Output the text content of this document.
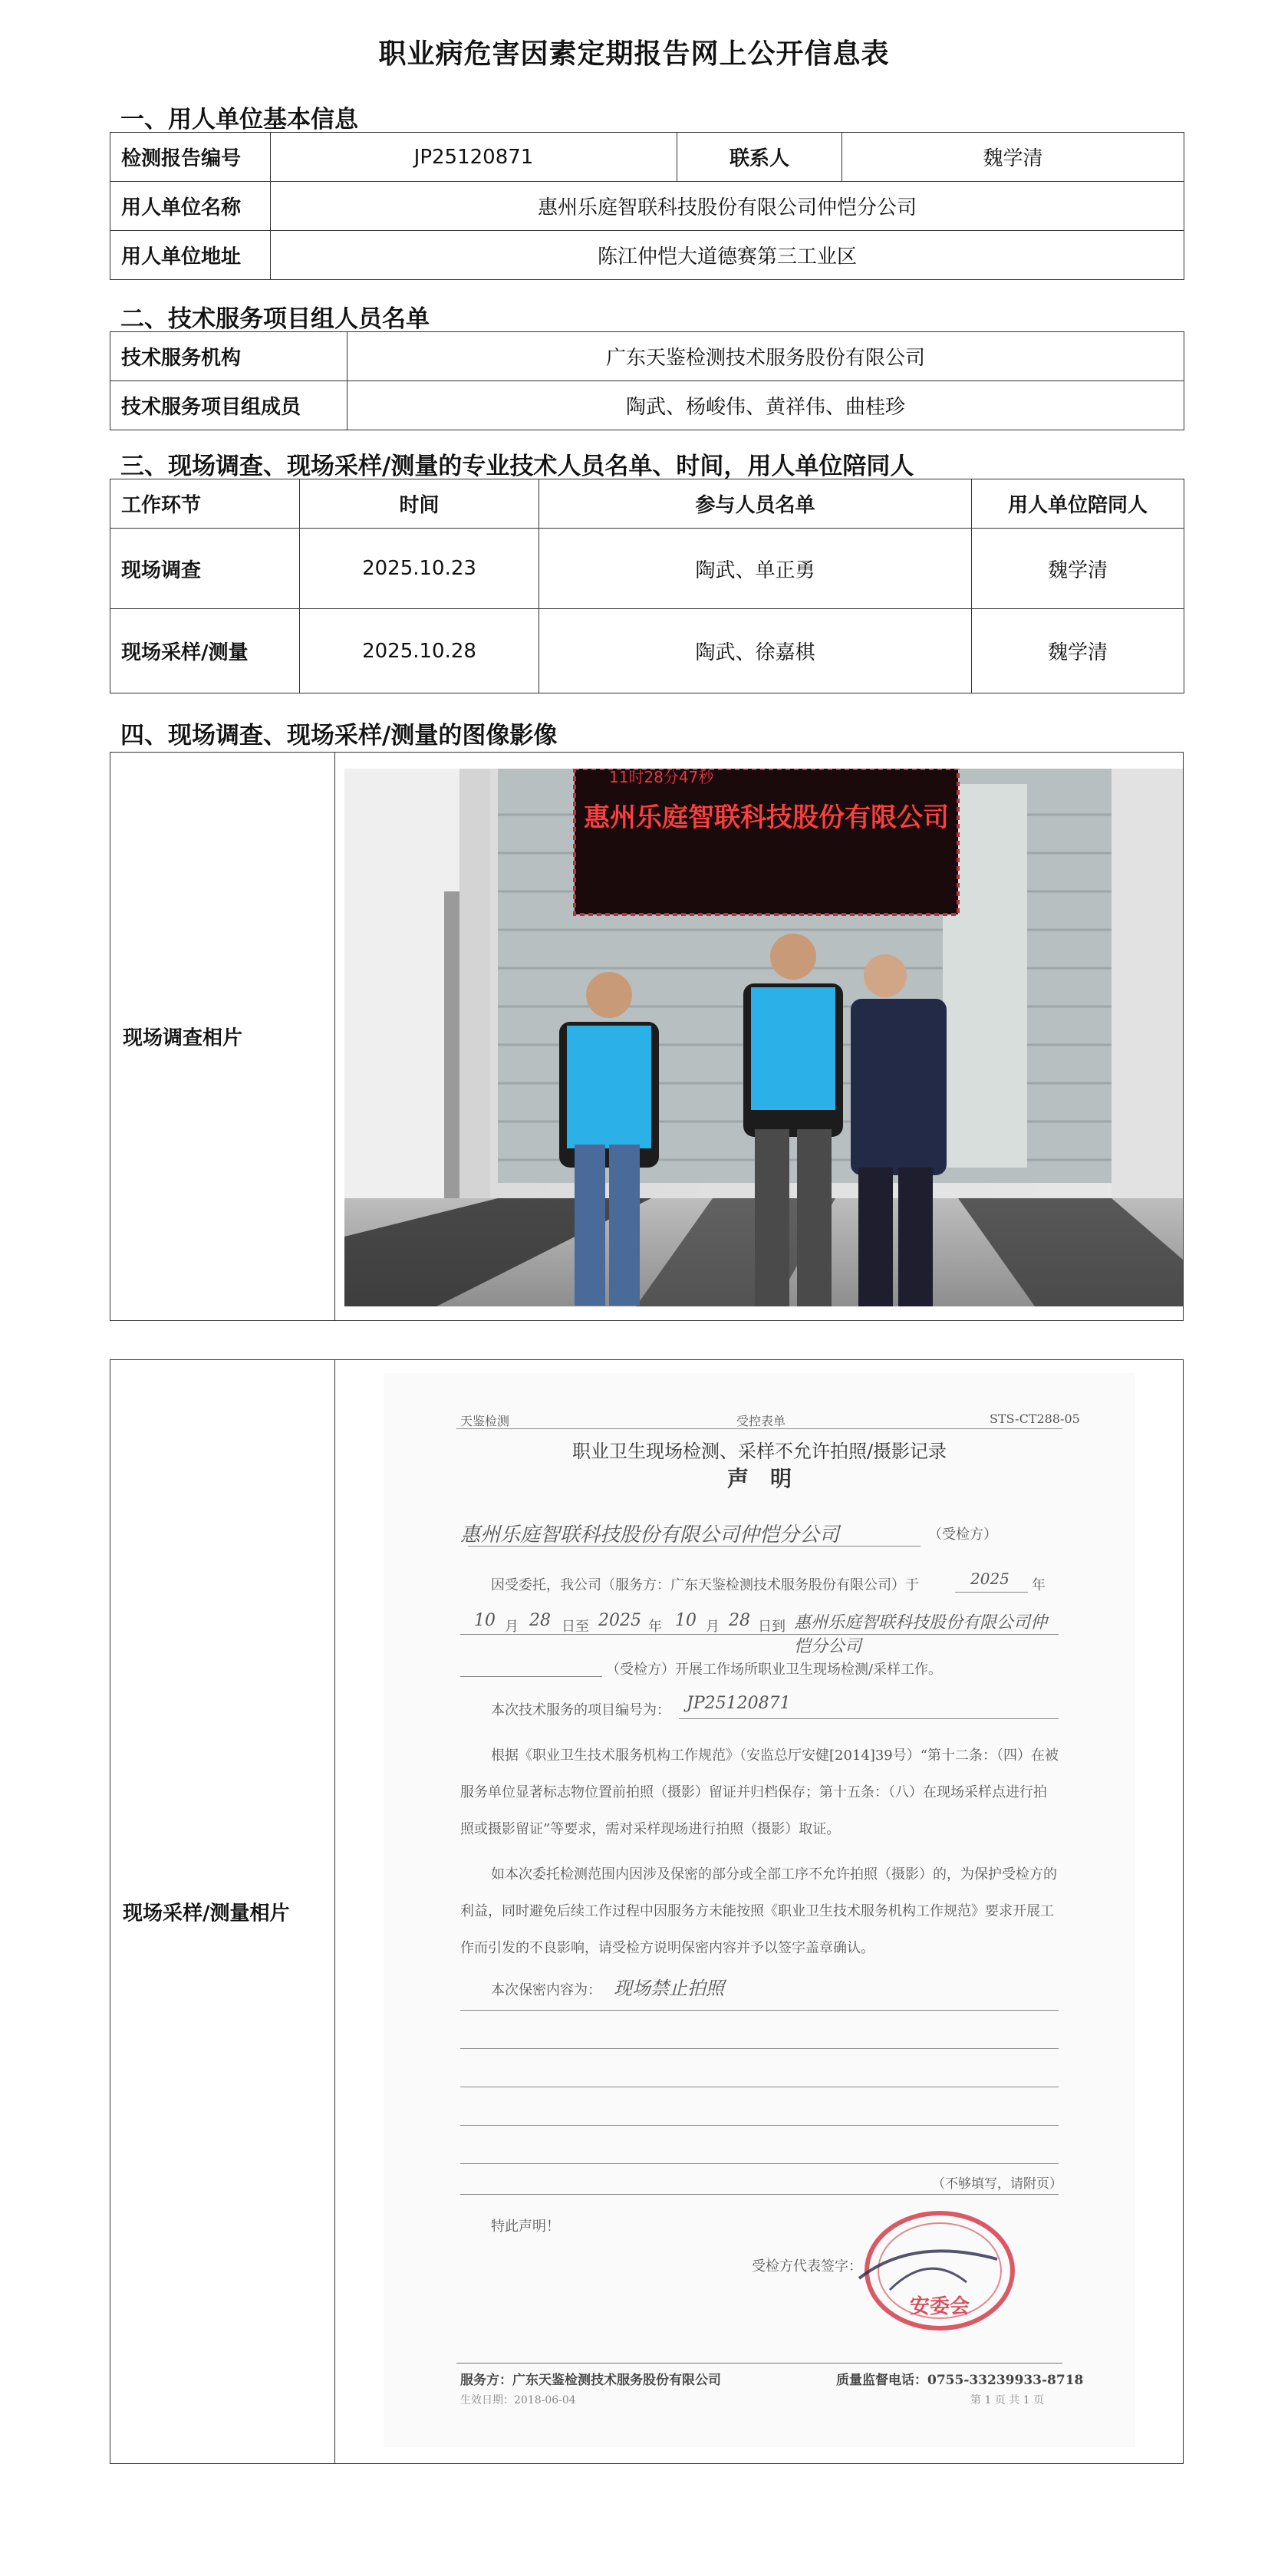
职业病危害因素定期报告网上公开信息表
一、用人单位基本信息
检测报告编号	JP25120871	联系人	魏学清
用人单位名称	惠州乐庭智联科技股份有限公司仲恺分公司		
用人单位地址	陈江仲恺大道德赛第三工业区		
二、技术服务项目组人员名单
技术服务机构	广东天鉴检测技术服务股份有限公司
技术服务项目组成员	陶武、杨峻伟、黄祥伟、曲桂珍
三、现场调查、现场采样/测量的专业技术人员名单、时间，用人单位陪同人
工作环节	时间	参与人员名单	用人单位陪同人
现场调查	2025.10.23	陶武、单正勇	魏学清
现场采样/测量	2025.10.28	陶武、徐嘉棋	魏学清
四、现场调查、现场采样/测量的图像影像
现场调查相片
11时28分47秒
惠州乐庭智联科技股份有限公司
现场采样/测量相片
天鉴检测	受控表单	STS-CT288-05
职业卫生现场检测、采样不允许拍照/摄影记录
声　明
惠州乐庭智联科技股份有限公司仲恺分公司	（受检方）
因受委托，我公司（服务方：广东天鉴检测技术服务股份有限公司）于	2025 年
10 月 28 日至 2025 年 10 月 28 日到 惠州乐庭智联科技股份有限公司仲恺分公司
（受检方）开展工作场所职业卫生现场检测/采样工作。
本次技术服务的项目编号为： JP25120871
根据《职业卫生技术服务机构工作规范》（安监总厅安健[2014]39号）“第十二条：（四）在被服务单位显著标志物位置前拍照（摄影）留证并归档保存；第十五条：（八）在现场采样点进行拍照或摄影留证”等要求，需对采样现场进行拍照（摄影）取证。
如本次委托检测范围内因涉及保密的部分或全部工序不允许拍照（摄影）的，为保护受检方的利益，同时避免后续工作过程中因服务方未能按照《职业卫生技术服务机构工作规范》要求开展工作而引发的不良影响，请受检方说明保密内容并予以签字盖章确认。
本次保密内容为： 现场禁止拍照
（不够填写，请附页）
特此声明！
受检方代表签字：
安委会
服务方：广东天鉴检测技术服务股份有限公司	质量监督电话：0755-33239933-8718
生效日期：2018-06-04	第 1 页 共 1 页
